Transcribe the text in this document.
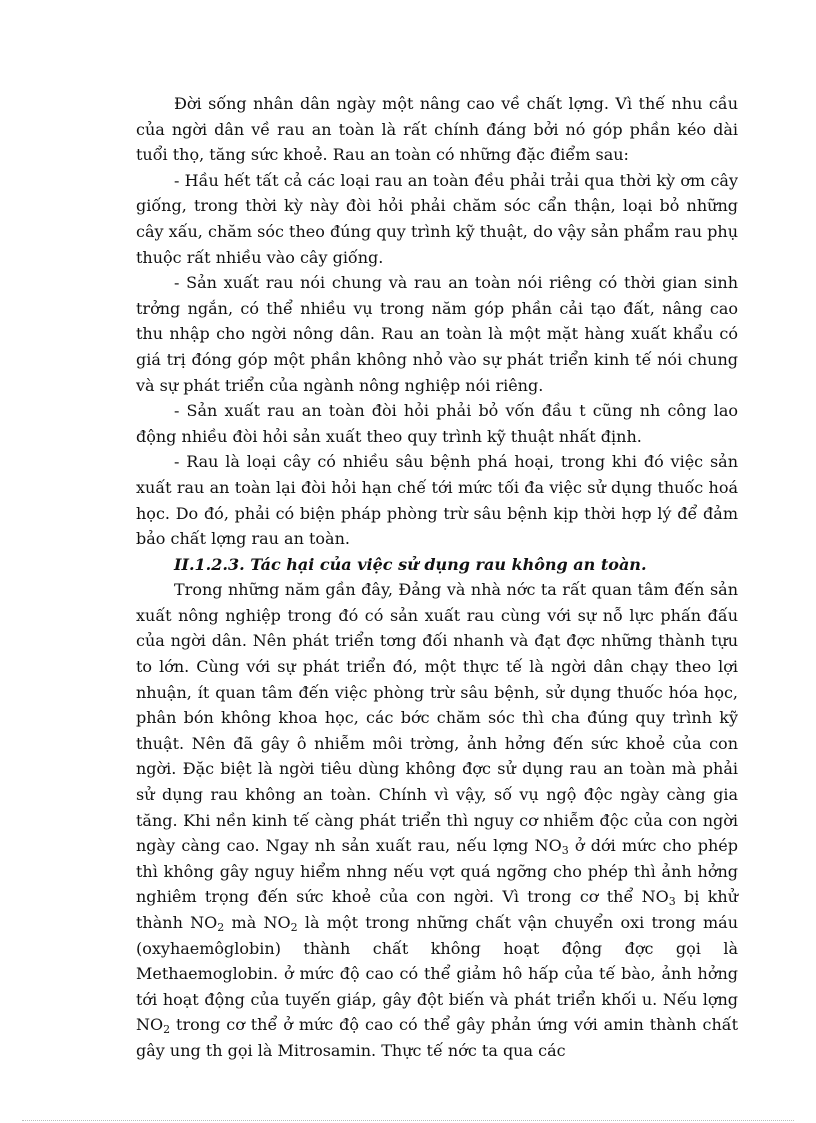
Đời sống nhân dân ngày một nâng cao về chất lợng. Vì thế nhu cầu của ngời dân về rau an toàn là rất chính đáng bởi nó góp phần kéo dài tuổi thọ, tăng sức khoẻ. Rau an toàn có những đặc điểm sau:

- Hầu hết tất cả các loại rau an toàn đều phải trải qua thời kỳ ơm cây giống, trong thời kỳ này đòi hỏi phải chăm sóc cẩn thận, loại bỏ những cây xấu, chăm sóc theo đúng quy trình kỹ thuật, do vậy sản phẩm rau phụ thuộc rất nhiều vào cây giống.

- Sản xuất rau nói chung và rau an toàn nói riêng có thời gian sinh trởng ngắn, có thể nhiều vụ trong năm góp phần cải tạo đất, nâng cao thu nhập cho ngời nông dân. Rau an toàn là một mặt hàng xuất khẩu có giá trị đóng góp một phần không nhỏ vào sự phát triển kinh tế nói chung và sự phát triển của ngành nông nghiệp nói riêng.

- Sản xuất rau an toàn đòi hỏi phải bỏ vốn đầu t cũng nh công lao động nhiều đòi hỏi sản xuất theo quy trình kỹ thuật nhất định.

- Rau là loại cây có nhiều sâu bệnh phá hoại, trong khi đó việc sản xuất rau an toàn lại đòi hỏi hạn chế tới mức tối đa việc sử dụng thuốc hoá học. Do đó, phải có biện pháp phòng trừ sâu bệnh kịp thời hợp lý để đảm bảo chất lợng rau an toàn.

II.1.2.3. Tác hại của việc sử dụng rau không an toàn.

Trong những năm gần đây, Đảng và nhà nớc ta rất quan tâm đến sản xuất nông nghiệp trong đó có sản xuất rau cùng với sự nỗ lực phấn đấu của ngời dân. Nên phát triển tơng đối nhanh và đạt đợc những thành tựu to lớn. Cùng với sự phát triển đó, một thực tế là ngời dân chạy theo lợi nhuận, ít quan tâm đến việc phòng trừ sâu bệnh, sử dụng thuốc hóa học, phân bón không khoa học, các bớc chăm sóc thì cha đúng quy trình kỹ thuật. Nên đã gây ô nhiễm môi trờng, ảnh hởng đến sức khoẻ của con ngời. Đặc biệt là ngời tiêu dùng không đợc sử dụng rau an toàn mà phải sử dụng rau không an toàn. Chính vì vậy, số vụ ngộ độc ngày càng gia tăng. Khi nền kinh tế càng phát triển thì nguy cơ nhiễm độc của con ngời ngày càng cao. Ngay nh sản xuất rau, nếu lợng $NO_3$ ở dới mức cho phép thì không gây nguy hiểm nhng nếu vợt quá ngỡng cho phép thì ảnh hởng nghiêm trọng đến sức khoẻ của con ngời. Vì trong cơ thể $NO_3$ bị khử thành $NO_2$ mà $NO_2$ là một trong những chất vận chuyển oxi trong máu (oxyhaemôglobin) thành chất không hoạt động đợc gọi là Methaemoglobin. ở mức độ cao có thể giảm hô hấp của tế bào, ảnh hởng tới hoạt động của tuyến giáp, gây đột biến và phát triển khối u. Nếu lợng $NO_2$ trong cơ thể ở mức độ cao có thể gây phản ứng với amin thành chất gây ung th gọi là Mitrosamin. Thực tế nớc ta qua các
